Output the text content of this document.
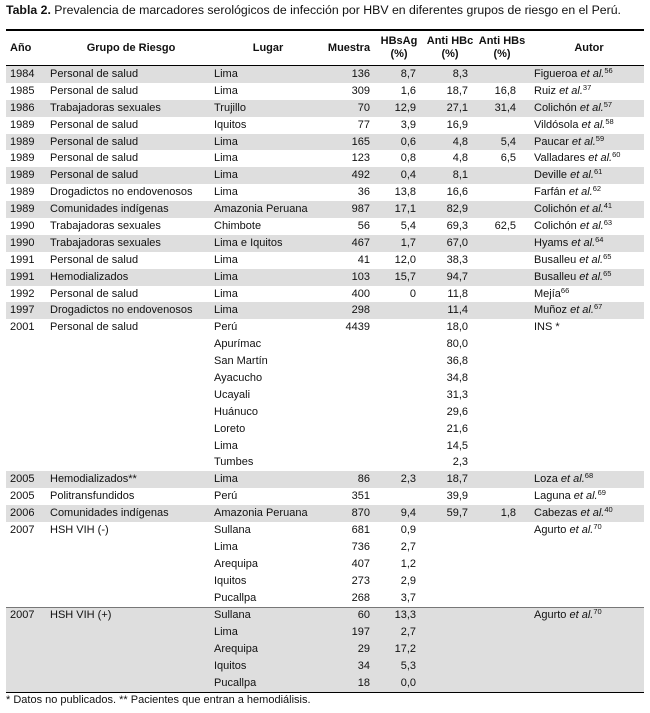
Tabla 2. Prevalencia de marcadores serológicos de infección por HBV en diferentes grupos de riesgo en el Perú.
Año	Grupo de Riesgo	Lugar	Muestra	HBsAg (%)	Anti HBc (%)	Anti HBs (%)	Autor
1984	Personal de salud	Lima	136	8,7	8,3		Figueroa et al.$^{56}$
1985	Personal de salud	Lima	309	1,6	18,7	16,8	Ruiz et al.$^{37}$
1986	Trabajadoras sexuales	Trujillo	70	12,9	27,1	31,4	Colichón et al.$^{57}$
1989	Personal de salud	Iquitos	77	3,9	16,9		Vildósola et al.$^{58}$
1989	Personal de salud	Lima	165	0,6	4,8	5,4	Paucar et al.$^{59}$
1989	Personal de salud	Lima	123	0,8	4,8	6,5	Valladares et al.$^{60}$
1989	Personal de salud	Lima	492	0,4	8,1		Deville et al.$^{61}$
1989	Drogadictos no endovenosos	Lima	36	13,8	16,6		Farfán et al.$^{62}$
1989	Comunidades indígenas	Amazonia Peruana	987	17,1	82,9		Colichón et al.$^{41}$
1990	Trabajadoras sexuales	Chimbote	56	5,4	69,3	62,5	Colichón et al.$^{63}$
1990	Trabajadoras sexuales	Lima e Iquitos	467	1,7	67,0		Hyams et al.$^{64}$
1991	Personal de salud	Lima	41	12,0	38,3		Busalleu et al.$^{65}$
1991	Hemodializados	Lima	103	15,7	94,7		Busalleu et al.$^{65}$
1992	Personal de salud	Lima	400	0	11,8		Mejía$^{66}$
1997	Drogadictos no endovenosos	Lima	298		11,4		Muñoz et al.$^{67}$
2001	Personal de salud	Perú	4439		18,0		INS *
		Apurímac			80,0		
		San Martín			36,8		
		Ayacucho			34,8		
		Ucayali			31,3		
		Huánuco			29,6		
		Loreto			21,6		
		Lima			14,5		
		Tumbes			2,3		
2005	Hemodializados**	Lima	86	2,3	18,7		Loza et al.$^{68}$
2005	Politransfundidos	Perú	351		39,9		Laguna et al.$^{69}$
2006	Comunidades indígenas	Amazonia Peruana	870	9,4	59,7	1,8	Cabezas et al.$^{40}$
2007	HSH VIH (-)	Sullana	681	0,9			Agurto et al.$^{70}$
		Lima	736	2,7			
		Arequipa	407	1,2			
		Iquitos	273	2,9			
		Pucallpa	268	3,7			
2007	HSH VIH (+)	Sullana	60	13,3			Agurto et al.$^{70}$
		Lima	197	2,7			
		Arequipa	29	17,2			
		Iquitos	34	5,3			
		Pucallpa	18	0,0			
* Datos no publicados. ** Pacientes que entran a hemodiálisis.
